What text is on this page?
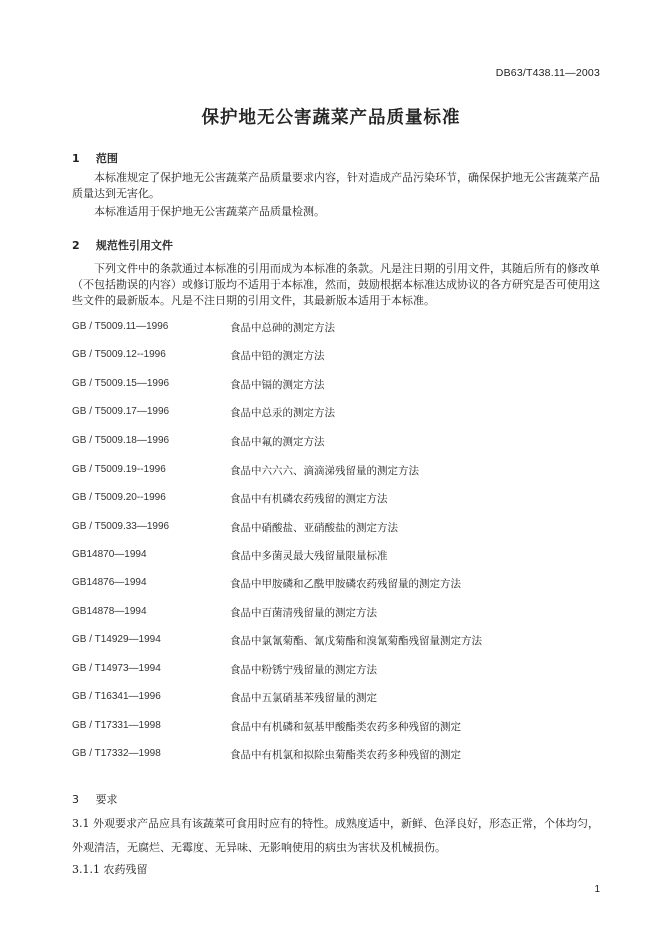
DB63/T438.11—2003
保护地无公害蔬菜产品质量标准
1 范围
本标准规定了保护地无公害蔬菜产品质量要求内容，针对造成产品污染环节，确保保护地无公害蔬菜产品质量达到无害化。
本标准适用于保护地无公害蔬菜产品质量检测。
2 规范性引用文件
下列文件中的条款通过本标准的引用而成为本标准的条款。凡是注日期的引用文件，其随后所有的修改单（不包括勘误的内容）或修订版均不适用于本标准，然而，鼓励根据本标准达成协议的各方研究是否可使用这些文件的最新版本。凡是不注日期的引用文件，其最新版本适用于本标准。
GB / T5009.11—1996	食品中总砷的测定方法
GB / T5009.12--1996	食品中铅的测定方法
GB / T5009.15—1996	食品中镉的测定方法
GB / T5009.17—1996	食品中总汞的测定方法
GB / T5009.18—1996	食品中氟的测定方法
GB / T5009.19--1996	食品中六六六、滴滴涕残留量的测定方法
GB / T5009.20--1996	食品中有机磷农药残留的测定方法
GB / T5009.33—1996	食品中硝酸盐、亚硝酸盐的测定方法
GB14870—1994	食品中多菌灵最大残留量限量标准
GB14876—1994	食品中甲胺磷和乙酰甲胺磷农药残留量的测定方法
GB14878—1994	食品中百菌清残留量的测定方法
GB / T14929—1994	食品中氯氰菊酯、氰戊菊酯和溴氰菊酯残留量测定方法
GB / T14973—1994	食品中粉锈宁残留量的测定方法
GB / T16341—1996	食品中五氯硝基苯残留量的测定
GB / T17331—1998	食品中有机磷和氨基甲酸酯类农药多种残留的测定
GB / T17332—1998	食品中有机氯和拟除虫菊酯类农药多种残留的测定
3 要求
3.1 外观要求产品应具有该蔬菜可食用时应有的特性。成熟度适中，新鲜、色泽良好，形态正常，个体均匀，外观清洁，无腐烂、无霉度、无异味、无影响使用的病虫为害状及机械损伤。
3.1.1 农药残留
1
